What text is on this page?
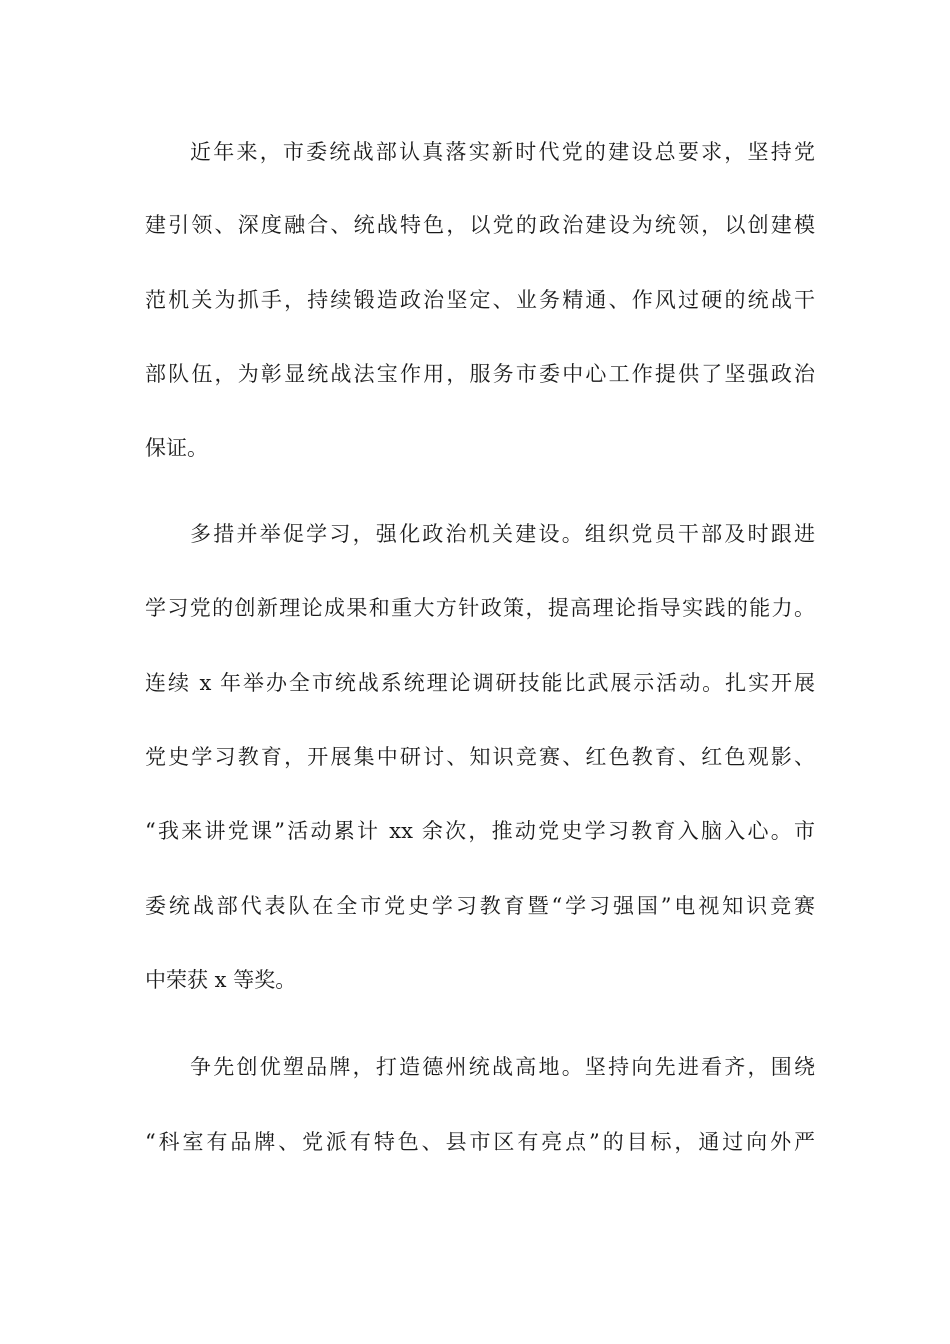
近年来，市委统战部认真落实新时代党的建设总要求，坚持党
建引领、深度融合、统战特色，以党的政治建设为统领，以创建模
范机关为抓手，持续锻造政治坚定、业务精通、作风过硬的统战干
部队伍，为彰显统战法宝作用，服务市委中心工作提供了坚强政治
保证。
多措并举促学习，强化政治机关建设。组织党员干部及时跟进
学习党的创新理论成果和重大方针政策，提高理论指导实践的能力。
连续 x 年举办全市统战系统理论调研技能比武展示活动。扎实开展
党史学习教育，开展集中研讨、知识竞赛、红色教育、红色观影、
“我来讲党课”活动累计 xx 余次，推动党史学习教育入脑入心。市
委统战部代表队在全市党史学习教育暨“学习强国”电视知识竞赛
中荣获 x 等奖。
争先创优塑品牌，打造德州统战高地。坚持向先进看齐，围绕
“科室有品牌、党派有特色、县市区有亮点”的目标，通过向外严
